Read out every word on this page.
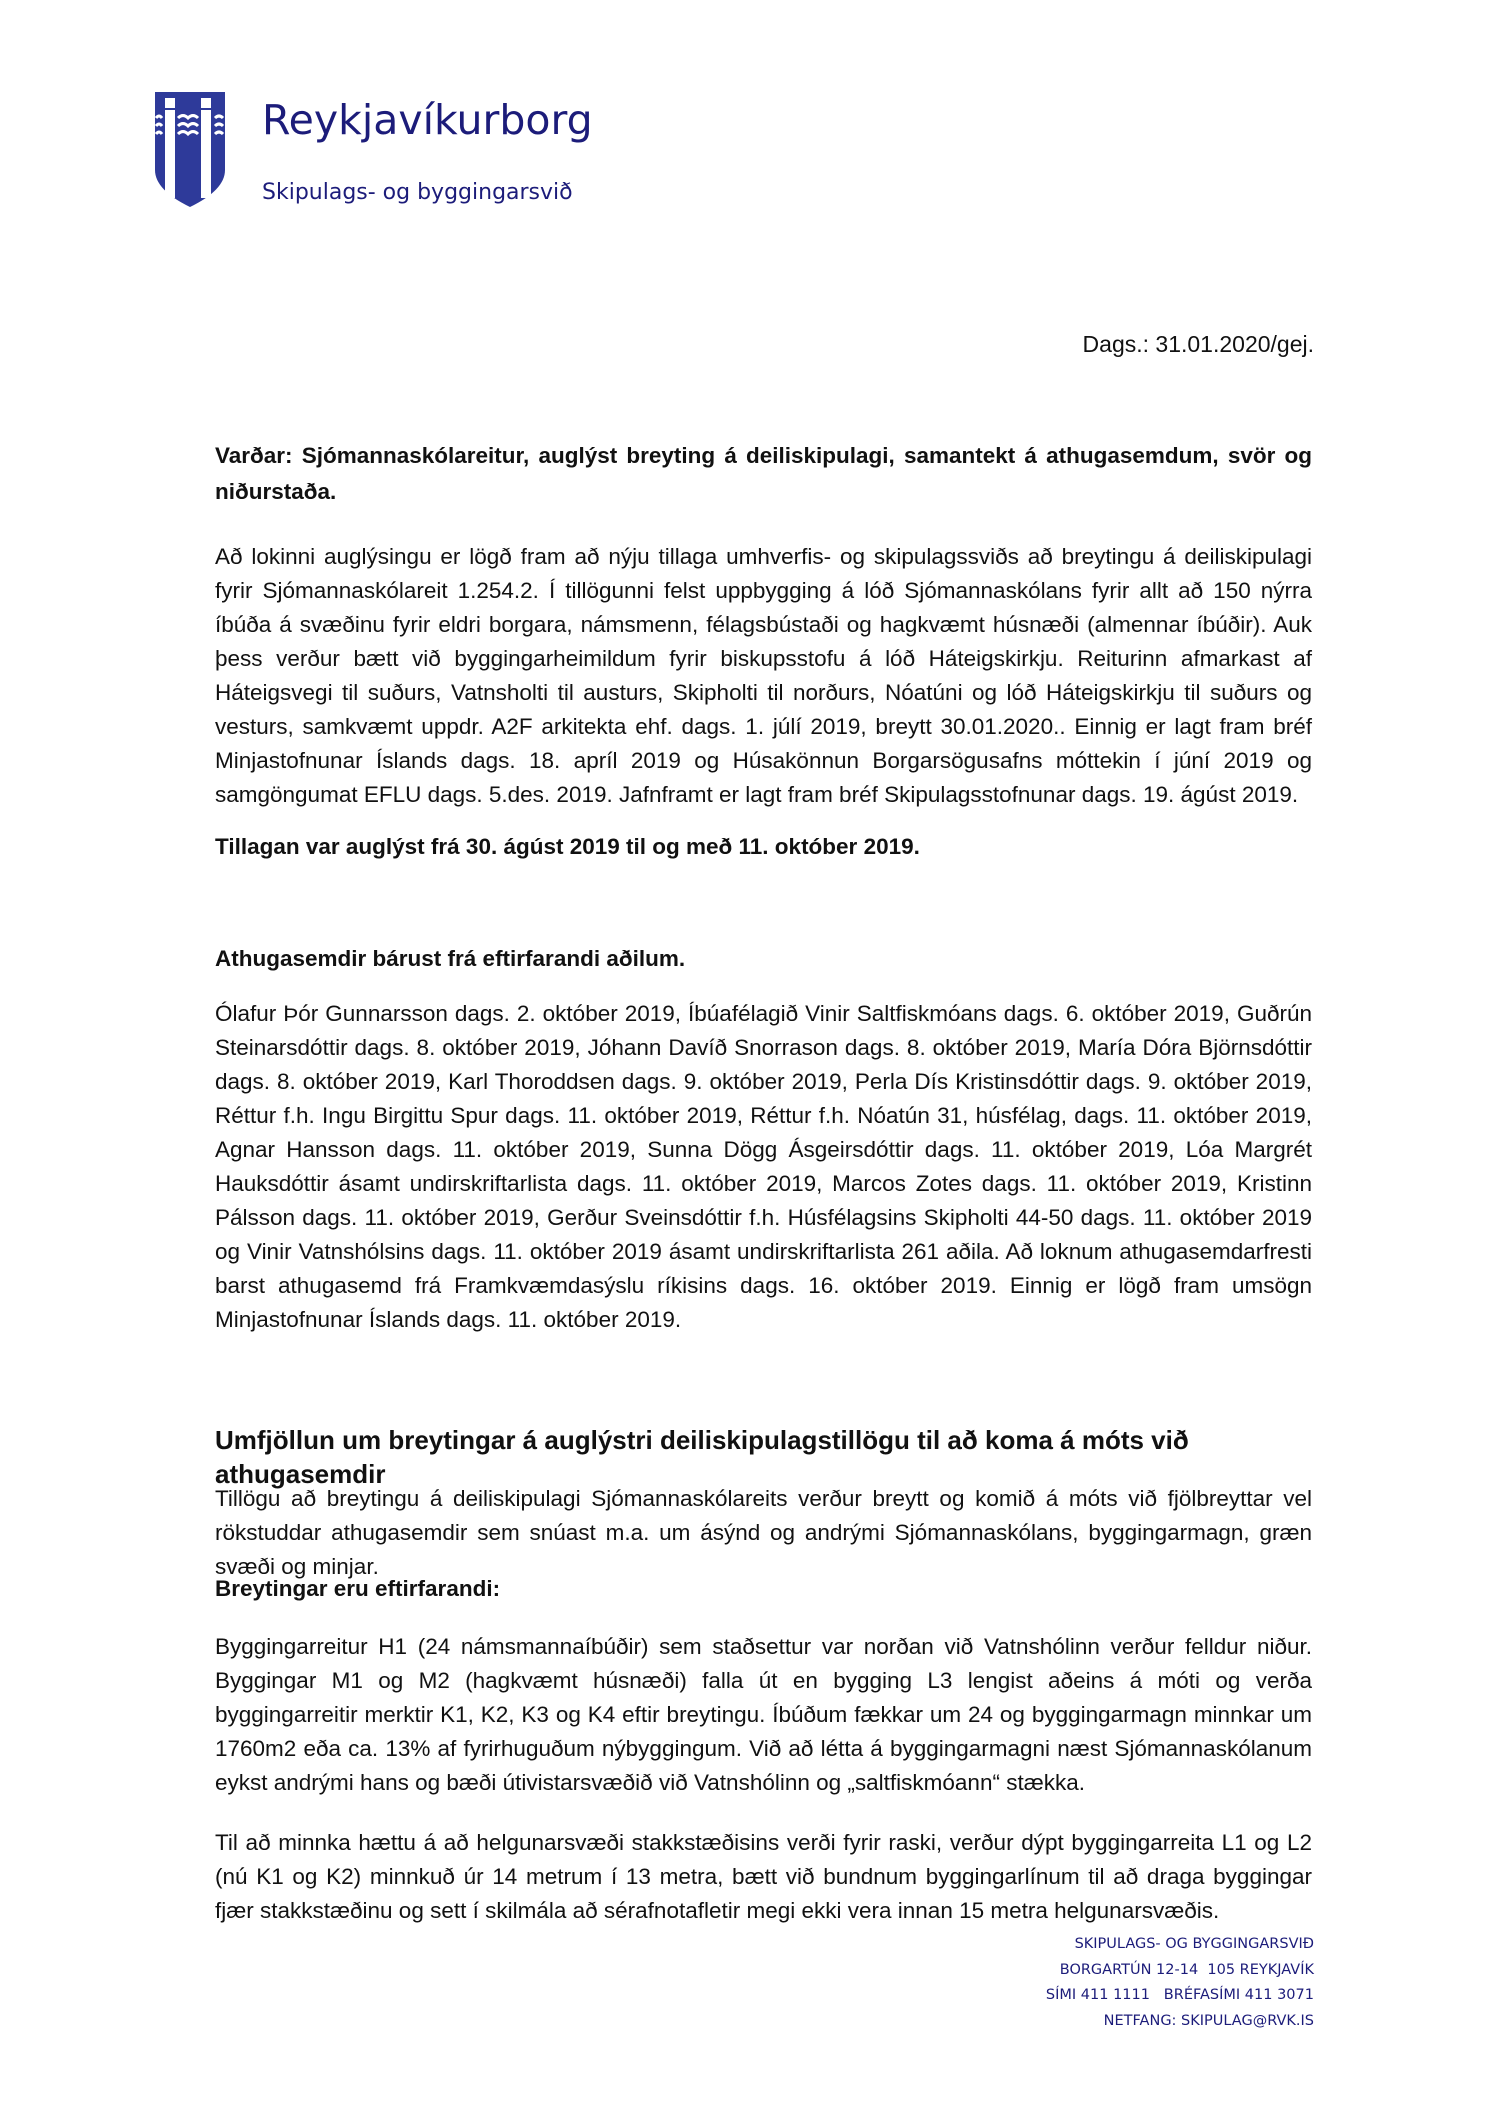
Reykjavíkurborg
Skipulags- og byggingarsvið
Dags.: 31.01.2020/gej.
Varðar: Sjómannaskólareitur, auglýst breyting á deiliskipulagi, samantekt á athugasemdum, svör og niðurstaða.
Að lokinni auglýsingu er lögð fram að nýju tillaga umhverfis- og skipulagssviðs að breytingu á deiliskipulagi fyrir Sjómannaskólareit 1.254.2. Í tillögunni felst uppbygging á lóð Sjómannaskólans fyrir allt að 150 nýrra íbúða á svæðinu fyrir eldri borgara, námsmenn, félagsbústaði og hagkvæmt húsnæði (almennar íbúðir). Auk þess verður bætt við byggingarheimildum fyrir biskupsstofu á lóð Háteigskirkju. Reiturinn afmarkast af Háteigsvegi til suðurs, Vatnsholti til austurs, Skipholti til norðurs, Nóatúni og lóð Háteigskirkju til suðurs og vesturs, samkvæmt uppdr. A2F arkitekta ehf. dags. 1. júlí 2019, breytt 30.01.2020.. Einnig er lagt fram bréf Minjastofnunar Íslands dags. 18. apríl 2019 og Húsakönnun Borgarsögusafns móttekin í júní 2019 og samgöngumat EFLU dags. 5.des. 2019. Jafnframt er lagt fram bréf Skipulagsstofnunar dags. 19. ágúst 2019.
Tillagan var auglýst frá 30. ágúst 2019 til og með 11. október 2019.
Athugasemdir bárust frá eftirfarandi aðilum.
Ólafur Þór Gunnarsson dags. 2. október 2019, Íbúafélagið Vinir Saltfiskmóans dags. 6. október 2019, Guðrún Steinarsdóttir dags. 8. október 2019, Jóhann Davíð Snorrason dags. 8. október 2019, María Dóra Björnsdóttir dags. 8. október 2019, Karl Thoroddsen dags. 9. október 2019, Perla Dís Kristinsdóttir dags. 9. október 2019, Réttur f.h. Ingu Birgittu Spur dags. 11. október 2019, Réttur f.h. Nóatún 31, húsfélag, dags. 11. október 2019, Agnar Hansson dags. 11. október 2019, Sunna Dögg Ásgeirsdóttir dags. 11. október 2019, Lóa Margrét Hauksdóttir ásamt undirskriftarlista dags. 11. október 2019, Marcos Zotes dags. 11. október 2019, Kristinn Pálsson dags. 11. október 2019, Gerður Sveinsdóttir f.h. Húsfélagsins Skipholti 44-50 dags. 11. október 2019 og Vinir Vatnshólsins dags. 11. október 2019 ásamt undirskriftarlista 261 aðila. Að loknum athugasemdarfresti barst athugasemd frá Framkvæmdasýslu ríkisins dags. 16. október 2019. Einnig er lögð fram umsögn Minjastofnunar Íslands dags. 11. október 2019.
Umfjöllun um breytingar á auglýstri deiliskipulagstillögu til að koma á móts við athugasemdir
Tillögu að breytingu á deiliskipulagi Sjómannaskólareits verður breytt og komið á móts við fjölbreyttar vel rökstuddar athugasemdir sem snúast m.a. um ásýnd og andrými Sjómannaskólans, byggingarmagn, græn svæði og minjar.
Breytingar eru eftirfarandi:
Byggingarreitur H1 (24 námsmannaíbúðir) sem staðsettur var norðan við Vatnshólinn verður felldur niður. Byggingar M1 og M2 (hagkvæmt húsnæði) falla út en bygging L3 lengist aðeins á móti og verða byggingarreitir merktir K1, K2, K3 og K4 eftir breytingu. Íbúðum fækkar um 24 og byggingarmagn minnkar um 1760m2 eða ca. 13% af fyrirhuguðum nýbyggingum. Við að létta á byggingarmagni næst Sjómannaskólanum eykst andrými hans og bæði útivistarsvæðið við Vatnshólinn og „saltfiskmóann“ stækka.
Til að minnka hættu á að helgunarsvæði stakkstæðisins verði fyrir raski, verður dýpt byggingarreita L1 og L2 (nú K1 og K2) minnkuð úr 14 metrum í 13 metra, bætt við bundnum byggingarlínum til að draga byggingar fjær stakkstæðinu og sett í skilmála að sérafnotafletir megi ekki vera innan 15 metra helgunarsvæðis.
SKIPULAGS- OG BYGGINGARSVIÐ
BORGARTÚN 12-14  105 REYKJAVÍK
SÍMI 411 1111   BRÉFASÍMI 411 3071
NETFANG: SKIPULAG@RVK.IS
